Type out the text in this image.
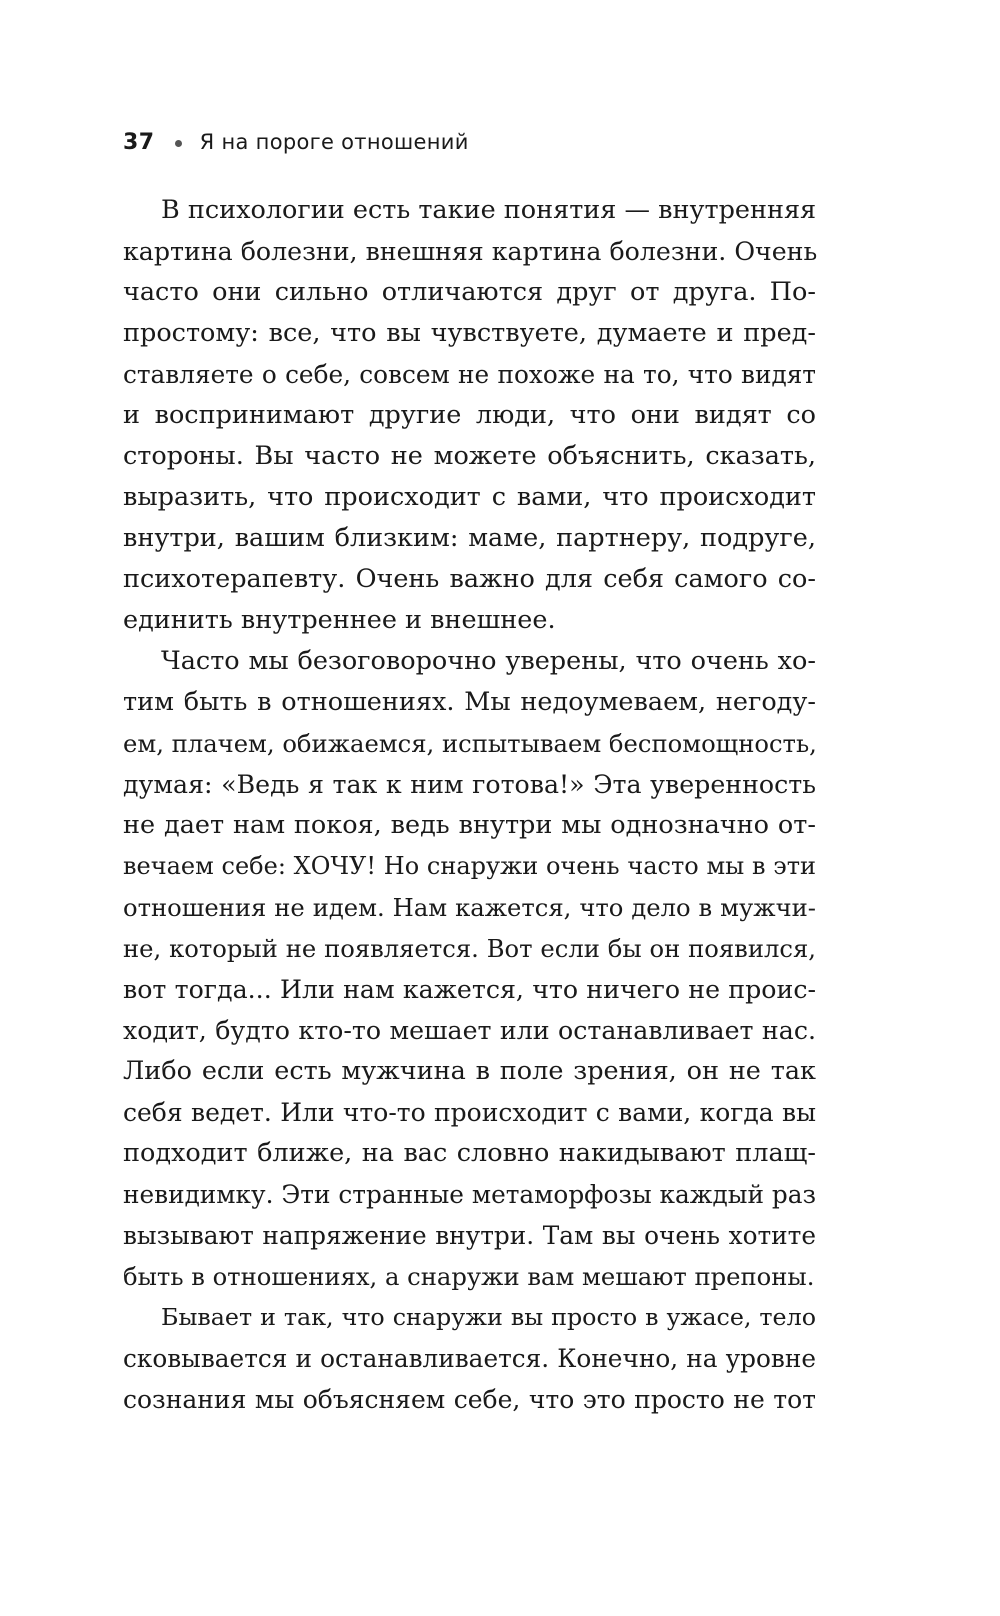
37 Я на пороге отношений
В психологии есть такие понятия — внутренняя
картина болезни, внешняя картина болезни. Очень
часто они сильно отличаются друг от друга. По-
простому: все, что вы чувствуете, думаете и пред-
ставляете о себе, совсем не похоже на то, что видят
и воспринимают другие люди, что они видят со
стороны. Вы часто не можете объяснить, сказать,
выразить, что происходит с вами, что происходит
внутри, вашим близким: маме, партнеру, подруге,
психотерапевту. Очень важно для себя самого со-
единить внутреннее и внешнее.
Часто мы безоговорочно уверены, что очень хо-
тим быть в отношениях. Мы недоумеваем, негоду-
ем, плачем, обижаемся, испытываем беспомощность,
думая: «Ведь я так к ним готова!» Эта уверенность
не дает нам покоя, ведь внутри мы однозначно от-
вечаем себе: ХОЧУ! Но снаружи очень часто мы в эти
отношения не идем. Нам кажется, что дело в мужчи-
не, который не появляется. Вот если бы он появился,
вот тогда... Или нам кажется, что ничего не проис-
ходит, будто кто-то мешает или останавливает нас.
Либо если есть мужчина в поле зрения, он не так
себя ведет. Или что-то происходит с вами, когда вы
подходит ближе, на вас словно накидывают плащ-
невидимку. Эти странные метаморфозы каждый раз
вызывают напряжение внутри. Там вы очень хотите
быть в отношениях, а снаружи вам мешают препоны.
Бывает и так, что снаружи вы просто в ужасе, тело
сковывается и останавливается. Конечно, на уровне
сознания мы объясняем себе, что это просто не тот
